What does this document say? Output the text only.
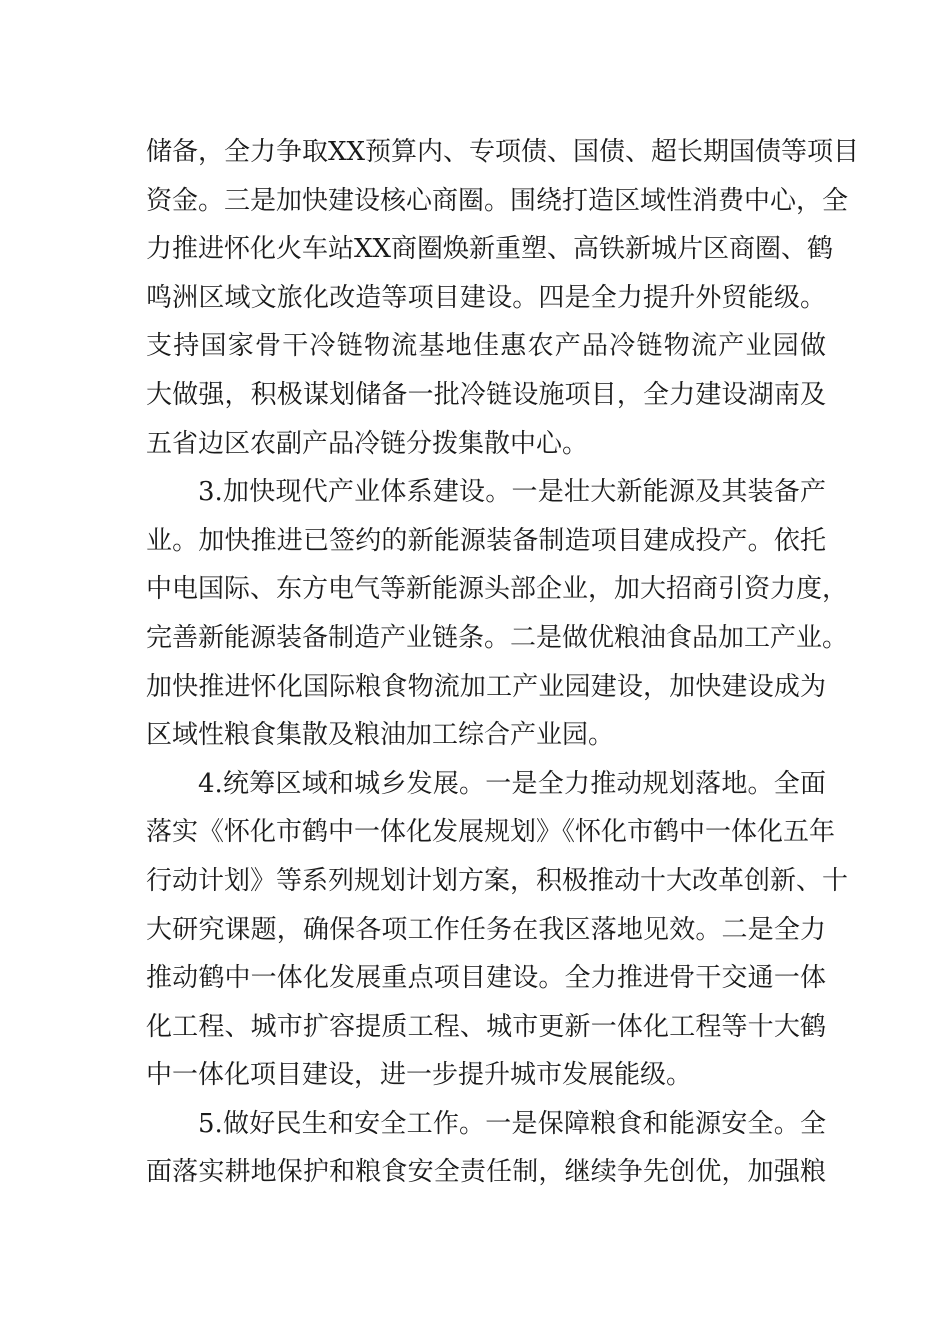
储备，全力争取XX预算内、专项债、国债、超长期国债等项目
资金。三是加快建设核心商圈。围绕打造区域性消费中心，全
力推进怀化火车站XX商圈焕新重塑、高铁新城片区商圈、鹤
鸣洲区域文旅化改造等项目建设。四是全力提升外贸能级。
支持国家骨干冷链物流基地佳惠农产品冷链物流产业园做
大做强，积极谋划储备一批冷链设施项目，全力建设湖南及
五省边区农副产品冷链分拨集散中心。
3.加快现代产业体系建设。一是壮大新能源及其装备产
业。加快推进已签约的新能源装备制造项目建成投产。依托
中电国际、东方电气等新能源头部企业，加大招商引资力度，
完善新能源装备制造产业链条。二是做优粮油食品加工产业。
加快推进怀化国际粮食物流加工产业园建设，加快建设成为
区域性粮食集散及粮油加工综合产业园。
4.统筹区域和城乡发展。一是全力推动规划落地。全面
落实《怀化市鹤中一体化发展规划》《怀化市鹤中一体化五年
行动计划》等系列规划计划方案，积极推动十大改革创新、十
大研究课题，确保各项工作任务在我区落地见效。二是全力
推动鹤中一体化发展重点项目建设。全力推进骨干交通一体
化工程、城市扩容提质工程、城市更新一体化工程等十大鹤
中一体化项目建设，进一步提升城市发展能级。
5.做好民生和安全工作。一是保障粮食和能源安全。全
面落实耕地保护和粮食安全责任制，继续争先创优，加强粮
